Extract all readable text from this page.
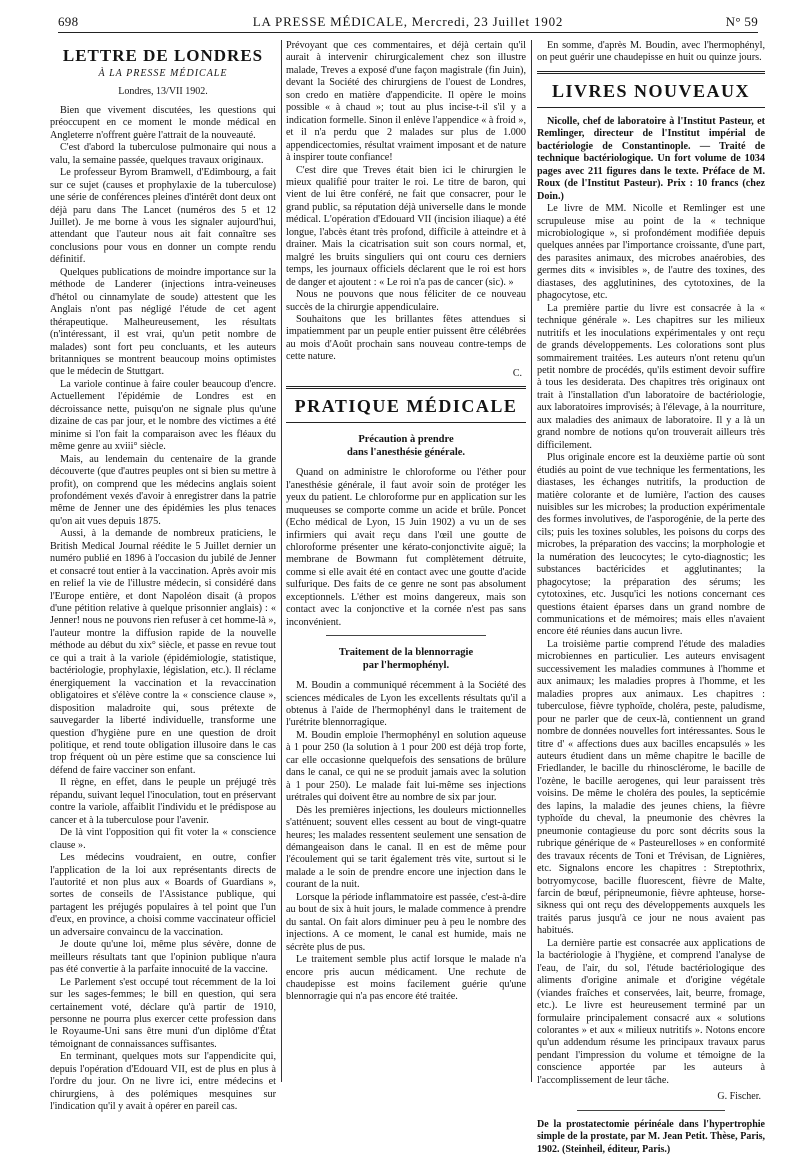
698	LA PRESSE MÉDICALE, Mercredi, 23 Juillet 1902	N° 59
LETTRE DE LONDRES
À LA PRESSE MÉDICALE
Londres, 13/VII 1902.

Bien que vivement discutées, les questions qui préoccupent en ce moment le monde médical en Angleterre n'offrent guère l'attrait de la nouveauté.

C'est d'abord la tuberculose pulmonaire qui nous a valu, la semaine passée, quelques travaux originaux.

Le professeur Byrom Bramwell, d'Edimbourg, a fait sur ce sujet (causes et prophylaxie de la tuberculose) une série de conférences pleines d'intérêt dont deux ont déjà paru dans The Lancet (numéros des 5 et 12 Juillet). Je me borne à vous les signaler aujourd'hui, attendant que l'auteur nous ait fait connaître ses conclusions pour vous en donner un compte rendu définitif.

Quelques publications de moindre importance sur la méthode de Landerer (injections intra-veineuses d'hétol ou cinnamylate de soude) attestent que les Anglais n'ont pas négligé l'étude de cet agent thérapeutique. Malheureusement, les résultats (n'intéressant, il est vrai, qu'un petit nombre de malades) sont fort peu concluants, et les auteurs britanniques se montrent beaucoup moins optimistes que le médecin de Stuttgart.

La variole continue à faire couler beaucoup d'encre. Actuellement l'épidémie de Londres est en décroissance nette, puisqu'on ne signale plus qu'une dizaine de cas par jour, et le nombre des victimes a été minime si l'on fait la comparaison avec les fléaux du même genre au xviii° siècle.

Mais, au lendemain du centenaire de la grande découverte (que d'autres peuples ont si bien su mettre à profit), on comprend que les médecins anglais soient profondément vexés d'avoir à enregistrer dans la patrie même de Jenner une des épidémies les plus tenaces qu'on ait vues depuis 1875.

Aussi, à la demande de nombreux praticiens, le British Medical Journal réédite le 5 Juillet dernier un numéro publié en 1896 à l'occasion du jubilé de Jenner et consacré tout entier à la vaccination. Après avoir mis en relief la vie de l'illustre médecin, si considéré dans l'Europe entière, et dont Napoléon disait (à propos d'une pétition relative à quelque prisonnier anglais) : « Jenner! nous ne pouvons rien refuser à cet homme-là », l'auteur montre la diffusion rapide de la nouvelle méthode au début du xix° siècle, et passe en revue tout ce qui a trait à la variole (épidémiologie, statistique, bactériologie, prophylaxie, législation, etc.). Il réclame énergiquement la vaccination et la revaccination obligatoires et s'élève contre la « conscience clause », disposition maladroite qui, sous prétexte de sauvegarder la liberté individuelle, transforme une question d'hygiène pure en une question de droit politique, et rend toute obligation illusoire dans le cas trop fréquent où un père estime que sa conscience lui défend de faire vacciner son enfant.

Il règne, en effet, dans le peuple un préjugé très répandu, suivant lequel l'inoculation, tout en préservant contre la variole, affaiblit l'individu et le prédispose au cancer et à la tuberculose pour l'avenir.

De là vint l'opposition qui fit voter la « conscience clause ».

Les médecins voudraient, en outre, confier l'application de la loi aux représentants directs de l'autorité et non plus aux « Boards of Guardians », sortes de conseils de l'Assistance publique, qui partagent les préjugés populaires à tel point que l'un d'eux, en province, a choisi comme vaccinateur officiel un adversaire convaincu de la vaccination.

Je doute qu'une loi, même plus sévère, donne de meilleurs résultats tant que l'opinion publique n'aura pas été convertie à la parfaite innocuité de la vaccine.

Le Parlement s'est occupé tout récemment de la loi sur les sages-femmes; le bill en question, qui sera certainement voté, déclare qu'à partir de 1910, personne ne pourra plus exercer cette profession dans le Royaume-Uni sans être muni d'un diplôme d'État témoignant de connaissances suffisantes.

En terminant, quelques mots sur l'appendicite qui, depuis l'opération d'Edouard VII, est de plus en plus à l'ordre du jour. On ne livre ici, entre médecins et chirurgiens, à des polémiques mesquines sur l'indication qu'il y avait à opérer en pareil cas.

Prévoyant que ces commentaires, et déjà certain qu'il aurait à intervenir chirurgicalement chez son illustre malade, Treves a exposé d'une façon magistrale (fin Juin), devant la Société des chirurgiens de l'ouest de Londres, son credo en matière d'appendicite. Il opère le moins possible « à chaud »; tout au plus incise-t-il s'il y a indication formelle. Sinon il enlève l'appendice « à froid », et il n'a perdu que 2 malades sur plus de 1.000 appendicectomies, résultat vraiment imposant et de nature à inspirer toute confiance!

C'est dire que Treves était bien ici le chirurgien le mieux qualifié pour traiter le roi. Le titre de baron, qui vient de lui être conféré, ne fait que consacrer, pour le grand public, sa réputation déjà universelle dans le monde médical. L'opération d'Edouard VII (incision iliaque) a été longue, l'abcès étant très profond, difficile à atteindre et à drainer. Mais la cicatrisation suit son cours normal, et, malgré les bruits singuliers qui ont couru ces derniers temps, les journaux officiels déclarent que le roi est hors de danger et ajoutent : « Le roi n'a pas de cancer (sic). »

Nous ne pouvons que nous féliciter de ce nouveau succès de la chirurgie appendiculaire.

Souhaitons que les brillantes fêtes attendues si impatiemment par un peuple entier puissent être célébrées au mois d'Août prochain sans nouveau contre-temps de cette nature.

C.
PRATIQUE MÉDICALE
Précaution à prendre
dans l'anesthésie générale.

Quand on administre le chloroforme ou l'éther pour l'anesthésie générale, il faut avoir soin de protéger les yeux du patient. Le chloroforme pur en application sur les muqueuses se comporte comme un acide et brûle. Poncet (Echo médical de Lyon, 15 Juin 1902) a vu un de ses infirmiers qui avait reçu dans l'œil une goutte de chloroforme présenter une kérato-conjonctivite aiguë; la membrane de Bowmann fut complètement détruite, comme si elle avait été en contact avec une goutte d'acide sulfurique. Des faits de ce genre ne sont pas absolument exceptionnels. L'éther est moins dangereux, mais son contact avec la conjonctive et la cornée n'est pas sans inconvénient.

Traitement de la blennorragie
par l'hermophényl.

M. Boudin a communiqué récemment à la Société des sciences médicales de Lyon les excellents résultats qu'il a obtenus à l'aide de l'hermophényl dans le traitement de l'urétrite blennorragique.

M. Boudin emploie l'hermophényl en solution aqueuse à 1 pour 250 (la solution à 1 pour 200 est déjà trop forte, car elle occasionne quelquefois des sensations de brûlure dans le canal, ce qui ne se produit jamais avec la solution à 1 pour 250). Le malade fait lui-même ses injections urétrales qui doivent être au nombre de six par jour.

Dès les premières injections, les douleurs mictionnelles s'atténuent; souvent elles cessent au bout de vingt-quatre heures; les malades ressentent seulement une sensation de démangeaison dans le canal. Il en est de même pour l'écoulement qui se tarit également très vite, surtout si le malade a le soin de prendre encore une injection dans le courant de la nuit.

Lorsque la période inflammatoire est passée, c'est-à-dire au bout de six à huit jours, le malade commence à prendre du santal. On fait alors diminuer peu à peu le nombre des injections. A ce moment, le canal est humide, mais ne sécrète plus de pus.

Le traitement semble plus actif lorsque le malade n'a encore pris aucun médicament. Une rechute de chaudepisse est moins facilement guérie qu'une blennorragie qui n'a pas encore été traitée.

En somme, d'après M. Boudin, avec l'hermophényl, on peut guérir une chaudepisse en huit ou quinze jours.

LIVRES NOUVEAUX

Nicolle, chef de laboratoire à l'Institut Pasteur, et Remlinger, directeur de l'Institut impérial de bactériologie de Constantinople. — Traité de technique bactériologique. Un fort volume de 1034 pages avec 211 figures dans le texte. Préface de M. Roux (de l'Institut Pasteur). Prix : 10 francs (chez Doin.)

Le livre de MM. Nicolle et Remlinger est une scrupuleuse mise au point de la « technique microbiologique », si profondément modifiée depuis quelques années par l'importance croissante, d'une part, des parasites animaux, des microbes anaérobies, des germes dits « invisibles », de l'autre des toxines, des diastases, des agglutinines, des cytotoxines, de la phagocytose, etc.

La première partie du livre est consacrée à la « technique générale ». Les chapitres sur les milieux nutritifs et les inoculations expérimentales y ont reçu de grands développements. Les colorations sont plus sommairement traitées. Les auteurs n'ont retenu qu'un petit nombre de procédés, qu'ils estiment devoir suffire à tous les desiderata. Des chapitres très originaux ont trait à l'installation d'un laboratoire de bactériologie, aux laboratoires improvisés; à l'élevage, à la nourriture, aux maladies des animaux de laboratoire. Il y a là un grand nombre de notions qu'on trouverait ailleurs très difficilement.

Plus originale encore est la deuxième partie où sont étudiés au point de vue technique les fermentations, les diastases, les échanges nutritifs, la production de matière colorante et de lumière, l'action des causes nuisibles sur les microbes; la production expérimentale des formes involutives, de l'asporogénie, de la perte des cils; puis les toxines solubles, les poisons du corps des microbes, la préparation des vaccins; la morphologie et la numération des leucocytes; le cyto-diagnostic; les substances bactéricides et agglutinantes; la phagocytose; la préparation des sérums; les cytotoxines, etc. Jusqu'ici les notions concernant ces questions étaient éparses dans un grand nombre de communications et de mémoires; mais elles n'avaient encore été réunies dans aucun livre.

La troisième partie comprend l'étude des maladies microbiennes en particulier. Les auteurs envisagent successivement les maladies communes à l'homme et aux animaux; les maladies propres à l'homme, et les maladies propres aux animaux. Les chapitres : tuberculose, fièvre typhoïde, choléra, peste, paludisme, pour ne parler que de ceux-là, contiennent un grand nombre de données nouvelles fort intéressantes. Sous le titre d' « affections dues aux bacilles encapsulés » les auteurs étudient dans un même chapitre le bacille de Friedlander, le bacille du rhinosclérome, le bacille de l'ozène, le bacille aerogenes, qui leur paraissent très voisins. De même le choléra des poules, la septicémie des lapins, la maladie des jeunes chiens, la fièvre typhoïde du cheval, la pneumonie des chèvres la pneumonie contagieuse du porc sont décrits sous la rubrique générique de « Pasteurelloses » en conformité des travaux récents de Toni et Trévisan, de Lignières, etc. Signalons encore les chapitres : Streptothrix, botryomycose, bacille fluorescent, fièvre de Malte, farcin de bœuf, péripneumonie, fièvre aphteuse, horse-sikness qui ont reçu des développements auxquels les traités parus jusqu'à ce jour ne nous avaient pas habitués.

La dernière partie est consacrée aux applications de la bactériologie à l'hygiène, et comprend l'analyse de l'eau, de l'air, du sol, l'étude bactériologique des aliments d'origine animale et d'origine végétale (viandes fraîches et conservées, lait, beurre, fromage, etc.). Le livre est heureusement terminé par un formulaire principalement consacré aux « solutions colorantes » et aux « milieux nutritifs ». Notons encore qu'un addendum résume les principaux travaux parus pendant l'impression du volume et témoigne de la conscience apportée par les auteurs à l'accomplissement de leur tâche.

G. Fischer.
De la prostatectomie périnéale dans l'hypertrophie simple de la prostate, par M. Jean Petit. Thèse, Paris, 1902. (Steinheil, éditeur, Paris.)
